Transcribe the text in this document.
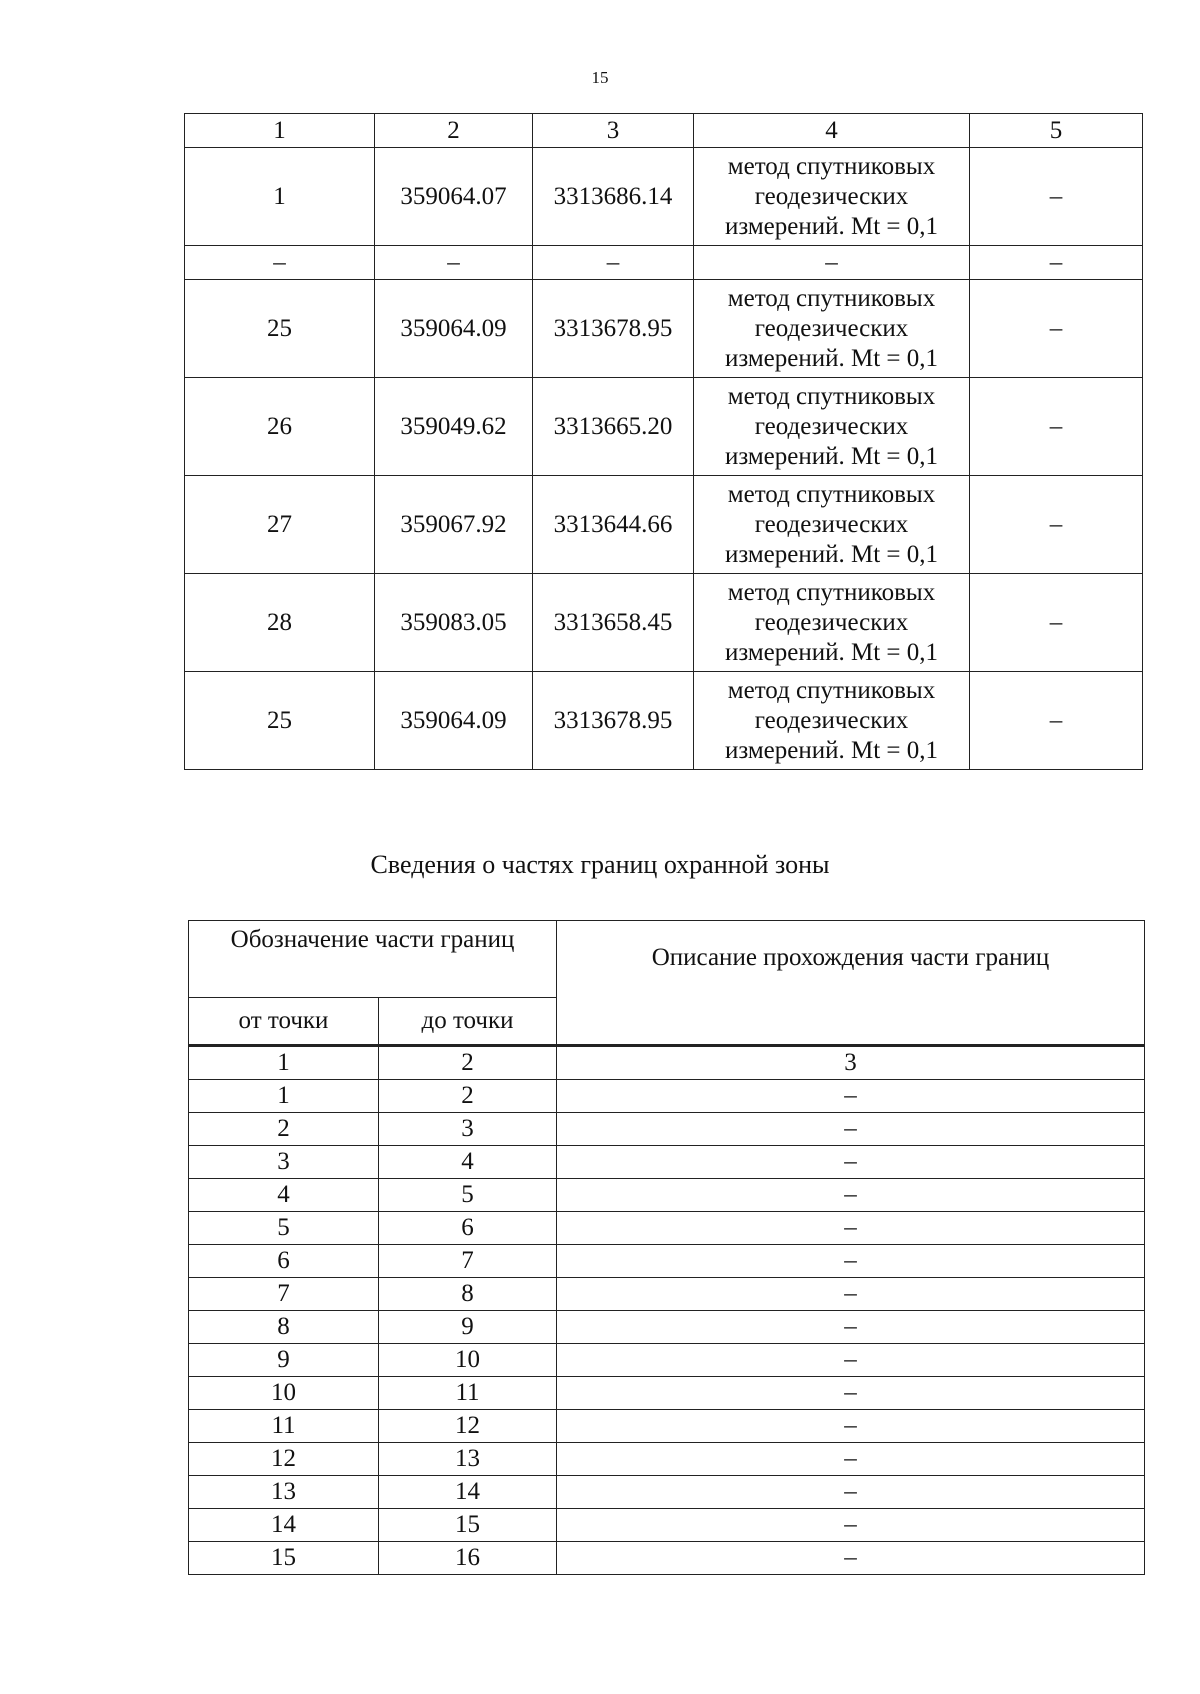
15
1	2	3	4	5
1	359064.07	3313686.14	метод спутниковых геодезических измерений. Mt = 0,1	–
–	–	–	–	–
25	359064.09	3313678.95	метод спутниковых геодезических измерений. Mt = 0,1	–
26	359049.62	3313665.20	метод спутниковых геодезических измерений. Mt = 0,1	–
27	359067.92	3313644.66	метод спутниковых геодезических измерений. Mt = 0,1	–
28	359083.05	3313658.45	метод спутниковых геодезических измерений. Mt = 0,1	–
25	359064.09	3313678.95	метод спутниковых геодезических измерений. Mt = 0,1	–
Сведения о частях границ охранной зоны
Обозначение части границ		Описание прохождения части границ
от точки	до точки	
1	2	3
1	2	–
2	3	–
3	4	–
4	5	–
5	6	–
6	7	–
7	8	–
8	9	–
9	10	–
10	11	–
11	12	–
12	13	–
13	14	–
14	15	–
15	16	–
